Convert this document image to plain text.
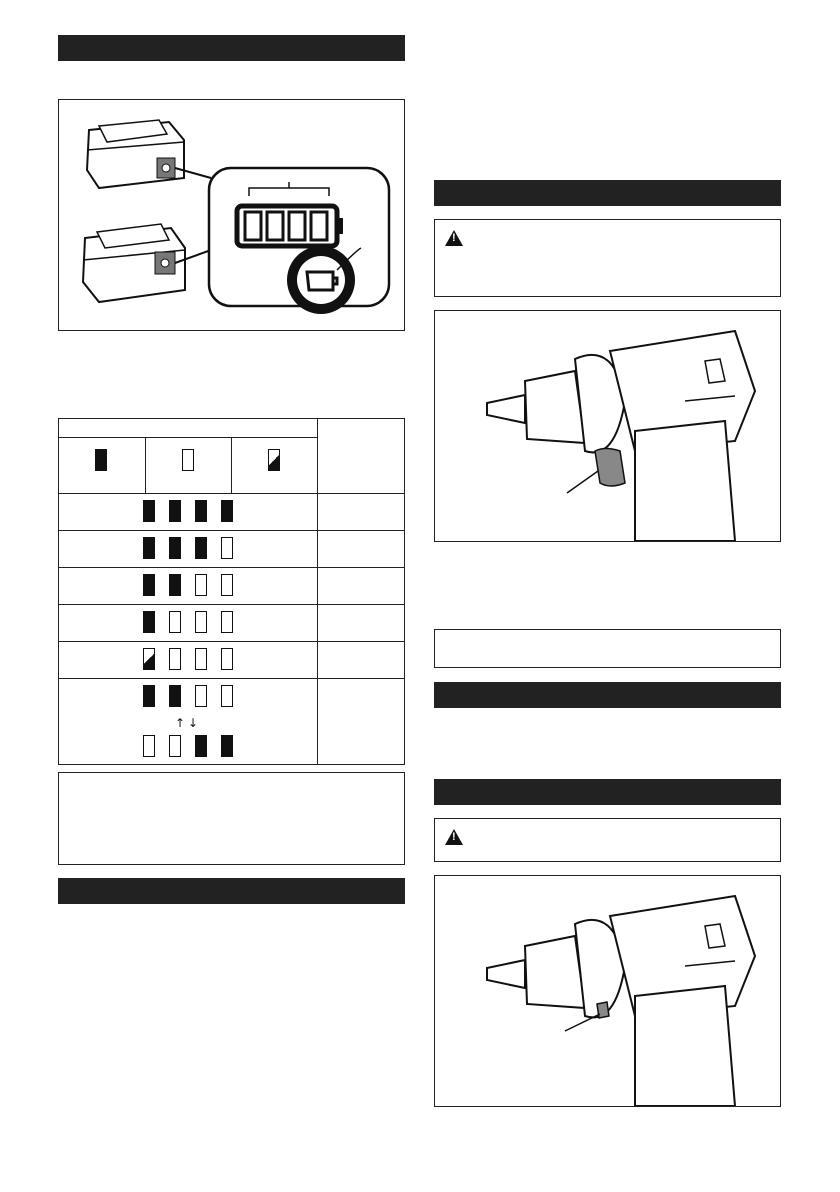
↑↓
!
!
